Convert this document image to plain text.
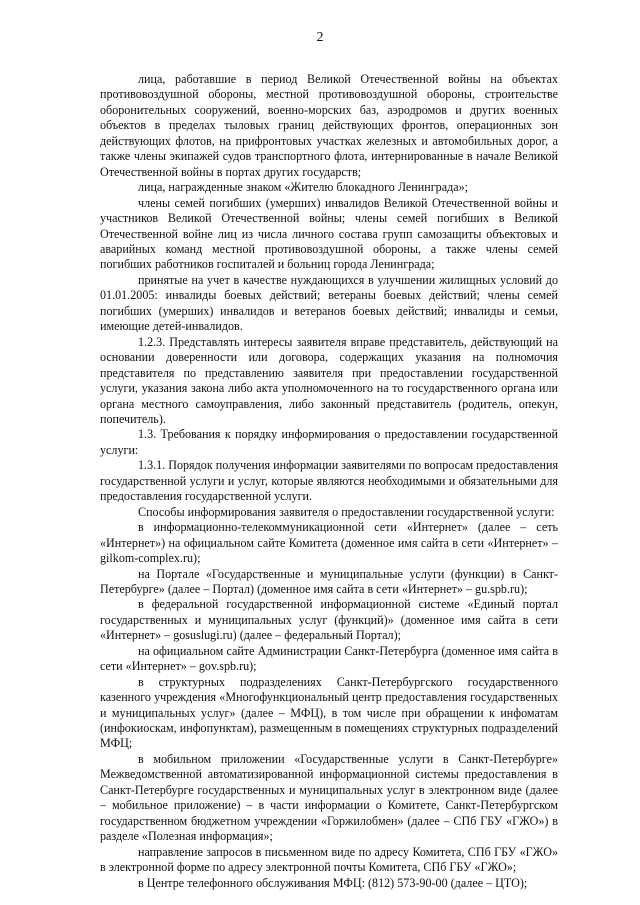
2

лица, работавшие в период Великой Отечественной войны на объектах противовоздушной обороны, местной противовоздушной обороны, строительстве оборонительных сооружений, военно-морских баз, аэродромов и других военных объектов в пределах тыловых границ действующих фронтов, операционных зон действующих флотов, на прифронтовых участках железных и автомобильных дорог, а также члены экипажей судов транспортного флота, интернированные в начале Великой Отечественной войны в портах других государств;

лица, награжденные знаком «Жителю блокадного Ленинграда»;

члены семей погибших (умерших) инвалидов Великой Отечественной войны и участников Великой Отечественной войны; члены семей погибших в Великой Отечественной войне лиц из числа личного состава групп самозащиты объектовых и аварийных команд местной противовоздушной обороны, а также члены семей погибших работников госпиталей и больниц города Ленинграда;

принятые на учет в качестве нуждающихся в улучшении жилищных условий до 01.01.2005: инвалиды боевых действий; ветераны боевых действий; члены семей погибших (умерших) инвалидов и ветеранов боевых действий; инвалиды и семьи, имеющие детей-инвалидов.

1.2.3. Представлять интересы заявителя вправе представитель, действующий на основании доверенности или договора, содержащих указания на полномочия представителя по представлению заявителя при предоставлении государственной услуги, указания закона либо акта уполномоченного на то государственного органа или органа местного самоуправления, либо законный представитель (родитель, опекун, попечитель).

1.3. Требования к порядку информирования о предоставлении государственной услуги:

1.3.1. Порядок получения информации заявителями по вопросам предоставления государственной услуги и услуг, которые являются необходимыми и обязательными для предоставления государственной услуги.

Способы информирования заявителя о предоставлении государственной услуги:

в информационно-телекоммуникационной сети «Интернет» (далее – сеть «Интернет») на официальном сайте Комитета (доменное имя сайта в сети «Интернет» – gilkom-complex.ru);

на Портале «Государственные и муниципальные услуги (функции) в Санкт-Петербурге» (далее – Портал) (доменное имя сайта в сети «Интернет» – gu.spb.ru);

в федеральной государственной информационной системе «Единый портал государственных и муниципальных услуг (функций)» (доменное имя сайта в сети «Интернет» – gosuslugi.ru) (далее – федеральный Портал);

на официальном сайте Администрации Санкт-Петербурга (доменное имя сайта в сети «Интернет» – gov.spb.ru);

в структурных подразделениях Санкт-Петербургского государственного казенного учреждения «Многофункциональный центр предоставления государственных и муниципальных услуг» (далее – МФЦ), в том числе при обращении к инфоматам (инфокиоскам, инфопунктам), размещенным в помещениях структурных подразделений МФЦ;

в мобильном приложении «Государственные услуги в Санкт-Петербурге» Межведомственной автоматизированной информационной системы предоставления в Санкт-Петербурге государственных и муниципальных услуг в электронном виде (далее – мобильное приложение) – в части информации о Комитете, Санкт-Петербургском государственном бюджетном учреждении «Горжилобмен» (далее – СПб ГБУ «ГЖО») в разделе «Полезная информация»;

направление запросов в письменном виде по адресу Комитета, СПб ГБУ «ГЖО» в электронной форме по адресу электронной почты Комитета, СПб ГБУ «ГЖО»;

в Центре телефонного обслуживания МФЦ: (812) 573-90-00 (далее – ЦТО);
